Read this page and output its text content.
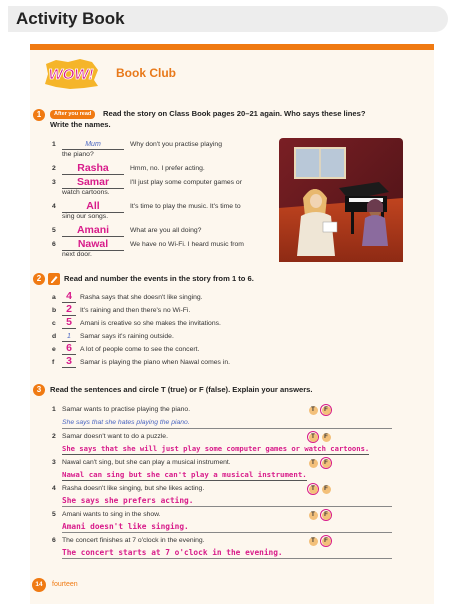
Activity Book
WOW! Book Club
1	After you read	Read the story on Class Book pages 20–21 again. Who says these lines?
Write the names.
1	Mum	Why don't you practise playing
the piano?
2	Rasha	Hmm, no. I prefer acting.
3	Samar	I'll just play some computer games or
watch cartoons.
4	All	It's time to play the music. It's time to
sing our songs.
5	Amani	What are you all doing?
6	Nawal	We have no Wi-Fi. I heard music from
next door.
2	Read and number the events in the story from 1 to 6.
a 4	Rasha says that she doesn't like singing.
b 2	It's raining and then there's no Wi-Fi.
c 5	Amani is creative so she makes the invitations.
d	1	Samar says it's raining outside.
e 6	A lot of people come to see the concert.
f	3	Samar is playing the piano when Nawal comes in.
3	Read the sentences and circle T (true) or F (false). Explain your answers.
1 Samar wants to practise playing the piano.	T	F
She says that she hates playing the piano.
2 Samar doesn't want to do a puzzle.	T	F
She says that she will just play some computer games or watch cartoons.
3 Nawal can't sing, but she can play a musical instrument.	T	F
Nawal can sing but she can't play a musical instrument.
4 Rasha doesn't like singing, but she likes acting.	T	F
She says she prefers acting.
5 Amani wants to sing in the show.	T	F
Amani doesn't like singing.
6 The concert finishes at 7 o'clock in the evening.	T	F
The concert starts at 7 o'clock in the evening.
14	fourteen
